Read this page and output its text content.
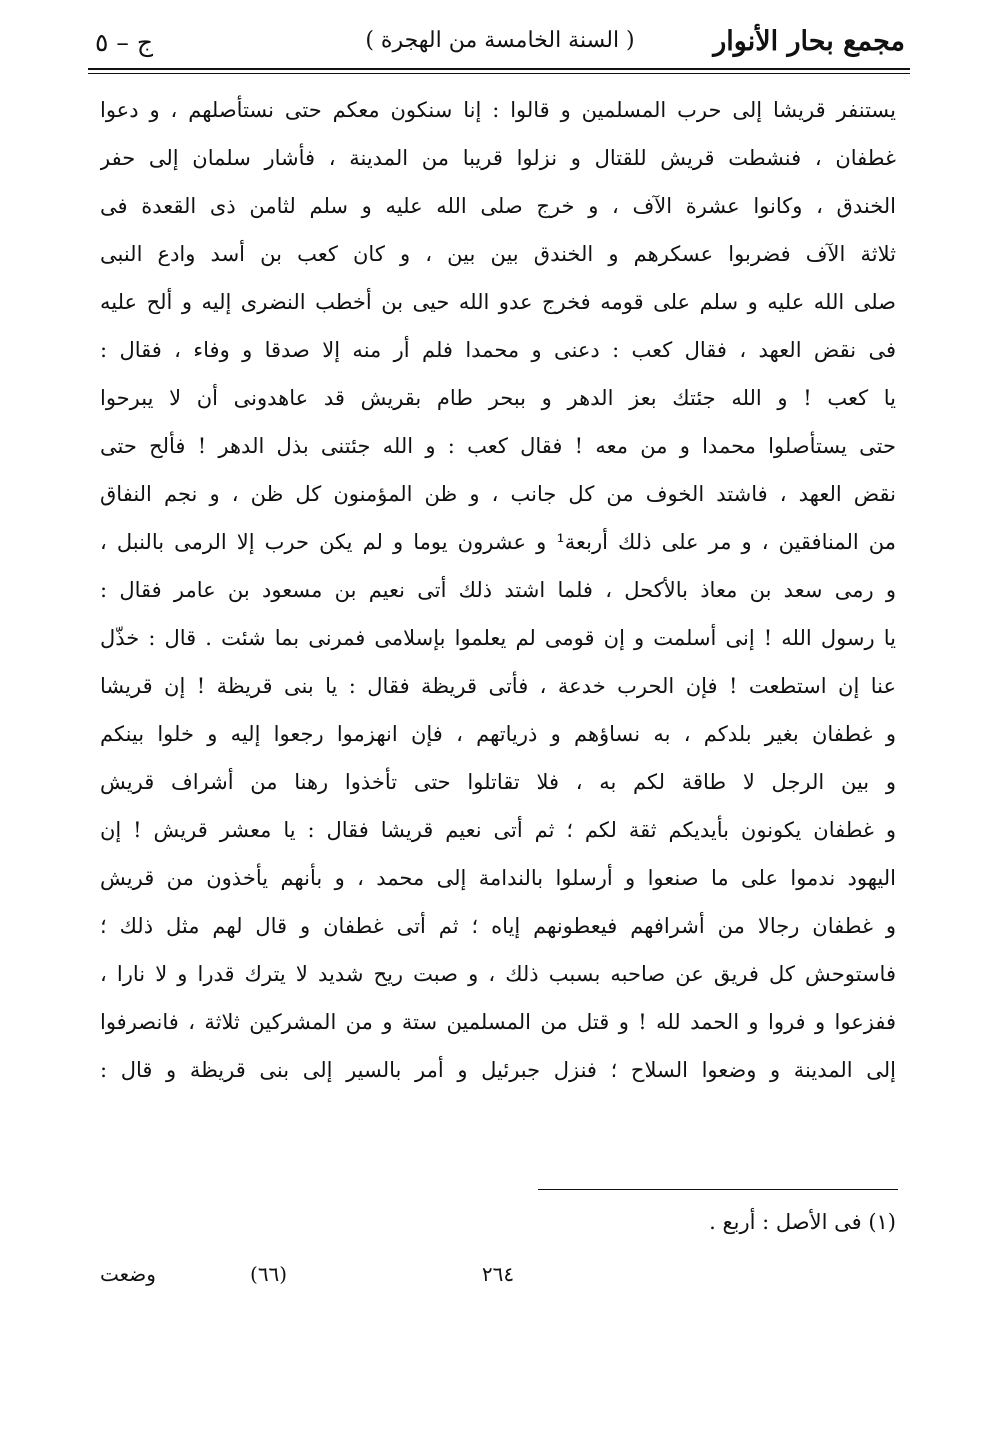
مجمع بحار الأنوار
( السنة الخامسة من الهجرة )
ج – ٥
يستنفر قريشا إلى حرب المسلمين و قالوا : إنا سنكون معكم حتى نستأصلهم ، و دعوا
غطفان ، فنشطت قريش للقتال و نزلوا قريبا من المدينة ، فأشار سلمان إلى حفر
الخندق ، وكانوا عشرة الآف ، و خرج صلى الله عليه و سلم لثامن ذى القعدة فى
ثلاثة الآف فضربوا عسكرهم و الخندق بين بين ، و كان كعب بن أسد وادع النبى
صلى الله عليه و سلم على قومه فخرج عدو الله حيى بن أخطب النضرى إليه و ألح عليه
فى نقض العهد ، فقال كعب : دعنى و محمدا فلم أر منه إلا صدقا و وفاء ، فقال :
يا كعب ! و الله جئتك بعز الدهر و ببحر طام بقريش قد عاهدونى أن لا يبرحوا
حتى يستأصلوا محمدا و من معه ! فقال كعب : و الله جئتنى بذل الدهر ! فألح حتى
نقض العهد ، فاشتد الخوف من كل جانب ، و ظن المؤمنون كل ظن ، و نجم النفاق
من المنافقين ، و مر على ذلك أربعة¹ و عشرون يوما و لم يكن حرب إلا الرمى بالنبل ،
و رمى سعد بن معاذ بالأكحل ، فلما اشتد ذلك أتى نعيم بن مسعود بن عامر فقال :
يا رسول الله ! إنى أسلمت و إن قومى لم يعلموا بإسلامى فمرنى بما شئت . قال : خذّل
عنا إن استطعت ! فإن الحرب خدعة ، فأتى قريظة فقال : يا بنى قريظة ! إن قريشا
و غطفان بغير بلدكم ، به نساؤهم و ذرياتهم ، فإن انهزموا رجعوا إليه و خلوا بينكم
و بين الرجل لا طاقة لكم به ، فلا تقاتلوا حتى تأخذوا رهنا من أشراف قريش
و غطفان يكونون بأيديكم ثقة لكم ؛ ثم أتى نعيم قريشا فقال : يا معشر قريش ! إن
اليهود ندموا على ما صنعوا و أرسلوا بالندامة إلى محمد ، و بأنهم يأخذون من قريش
و غطفان رجالا من أشرافهم فيعطونهم إياه ؛ ثم أتى غطفان و قال لهم مثل ذلك ؛
فاستوحش كل فريق عن صاحبه بسبب ذلك ، و صبت ريح شديد لا يترك قدرا و لا نارا ،
ففزعوا و فروا و الحمد لله ! و قتل من المسلمين ستة و من المشركين ثلاثة ، فانصرفوا
إلى المدينة و وضعوا السلاح ؛ فنزل جبرئيل و أمر بالسير إلى بنى قريظة و قال :
(١) فى الأصل : أربع .
٢٦٤
(٦٦)
وضعت
